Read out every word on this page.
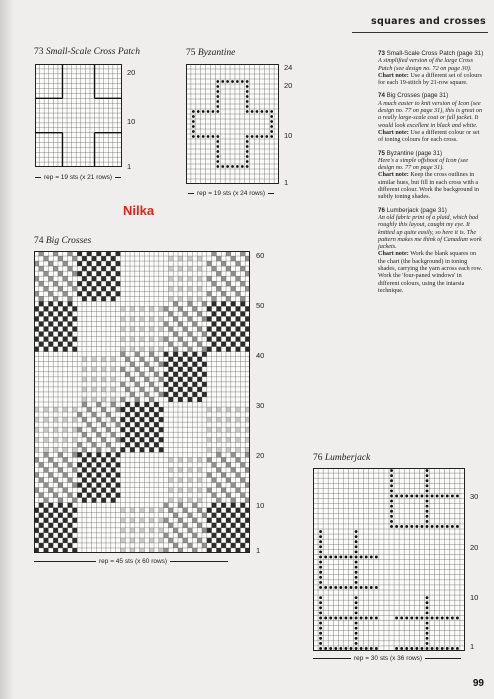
squares and crosses
73 Small-Scale Cross Patch
20
10
1
rep = 19 sts (x 21 rows)
75 Byzantine
24
20
10
1
rep = 19 sts (x 24 rows)
Nilka
74 Big Crosses
60
50
40
30
20
10
1
rep = 45 sts (x 60 rows)
76 Lumberjack
30
20
10
1
rep = 30 sts (x 36 rows)
73 Small-Scale Cross Patch (page 31)
A simplified version of the large Cross Patch (see design no. 72 on page 30).
Chart note: Use a different set of colours for each 19-stitch by 21-row square.
74 Big Crosses (page 31)
A much easier to knit version of Icon (see design no. 77 on page 31), this is great on a really large-scale coat or full jacket. It would look excellent in black and white.
Chart note: Use a different colour or set of toning colours for each cross.
75 Byzantine (page 31)
Here's a simple offshoot of Icon (see design no. 77 on page 31).
Chart note: Keep the cross outlines in similar hues, but fill in each cross with a different colour. Work the background in subtly toning shades.
76 Lumberjack (page 31)
An old fabric print of a plaid, which had roughly this layout, caught my eye. It knitted up quite easily, so here it is. The pattern makes me think of Canadian work jackets.
Chart note: Work the blank squares on the chart (the background) in toning shades, carrying the yarn across each row. Work the 'four-paned windows' in different colours, using the intarsia technique.
99
